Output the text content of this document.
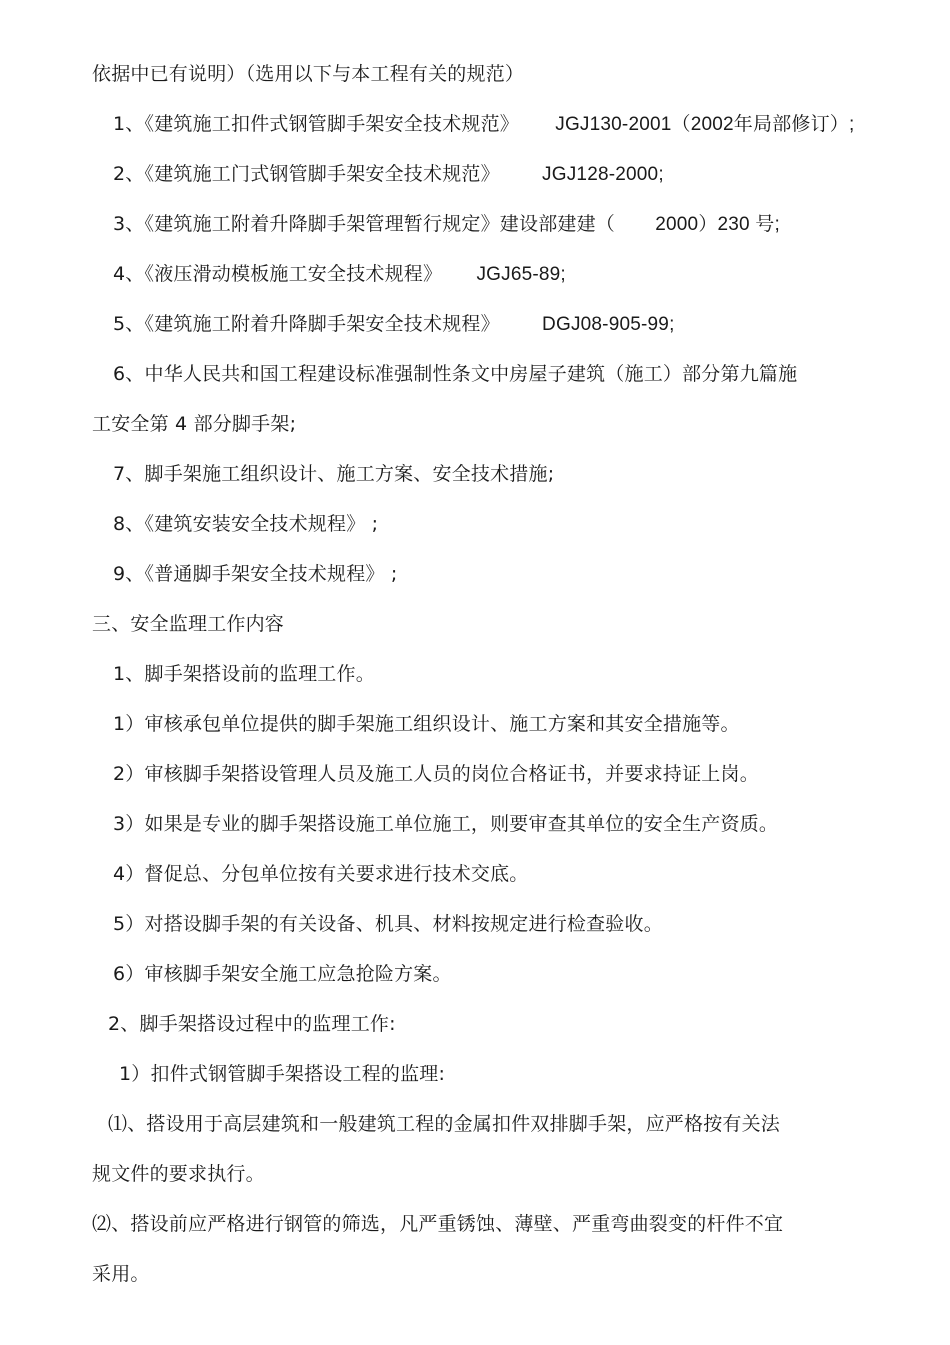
依据中已有说明）（选用以下与本工程有关的规范）
1、《建筑施工扣件式钢管脚手架安全技术规范》 JGJ130-2001（2002年局部修订）;
2、《建筑施工门式钢管脚手架安全技术规范》 JGJ128-2000;
3、《建筑施工附着升降脚手架管理暂行规定》建设部建建（ 2000）230 号;
4、《液压滑动模板施工安全技术规程》 JGJ65-89;
5、《建筑施工附着升降脚手架安全技术规程》 DGJ08-905-99;
6、中华人民共和国工程建设标准强制性条文中房屋子建筑（施工）部分第九篇施
工安全第 4 部分脚手架;
7、脚手架施工组织设计、施工方案、安全技术措施;
8、《建筑安装安全技术规程》 ;
9、《普通脚手架安全技术规程》 ;
三、安全监理工作内容
1、脚手架搭设前的监理工作。
1）审核承包单位提供的脚手架施工组织设计、施工方案和其安全措施等。
2）审核脚手架搭设管理人员及施工人员的岗位合格证书，并要求持证上岗。
3）如果是专业的脚手架搭设施工单位施工，则要审查其单位的安全生产资质。
4）督促总、分包单位按有关要求进行技术交底。
5）对搭设脚手架的有关设备、机具、材料按规定进行检查验收。
6）审核脚手架安全施工应急抢险方案。
2、脚手架搭设过程中的监理工作:
1）扣件式钢管脚手架搭设工程的监理:
⑴、搭设用于高层建筑和一般建筑工程的金属扣件双排脚手架，应严格按有关法
规文件的要求执行。
⑵、搭设前应严格进行钢管的筛选，凡严重锈蚀、薄壁、严重弯曲裂变的杆件不宜
采用。
